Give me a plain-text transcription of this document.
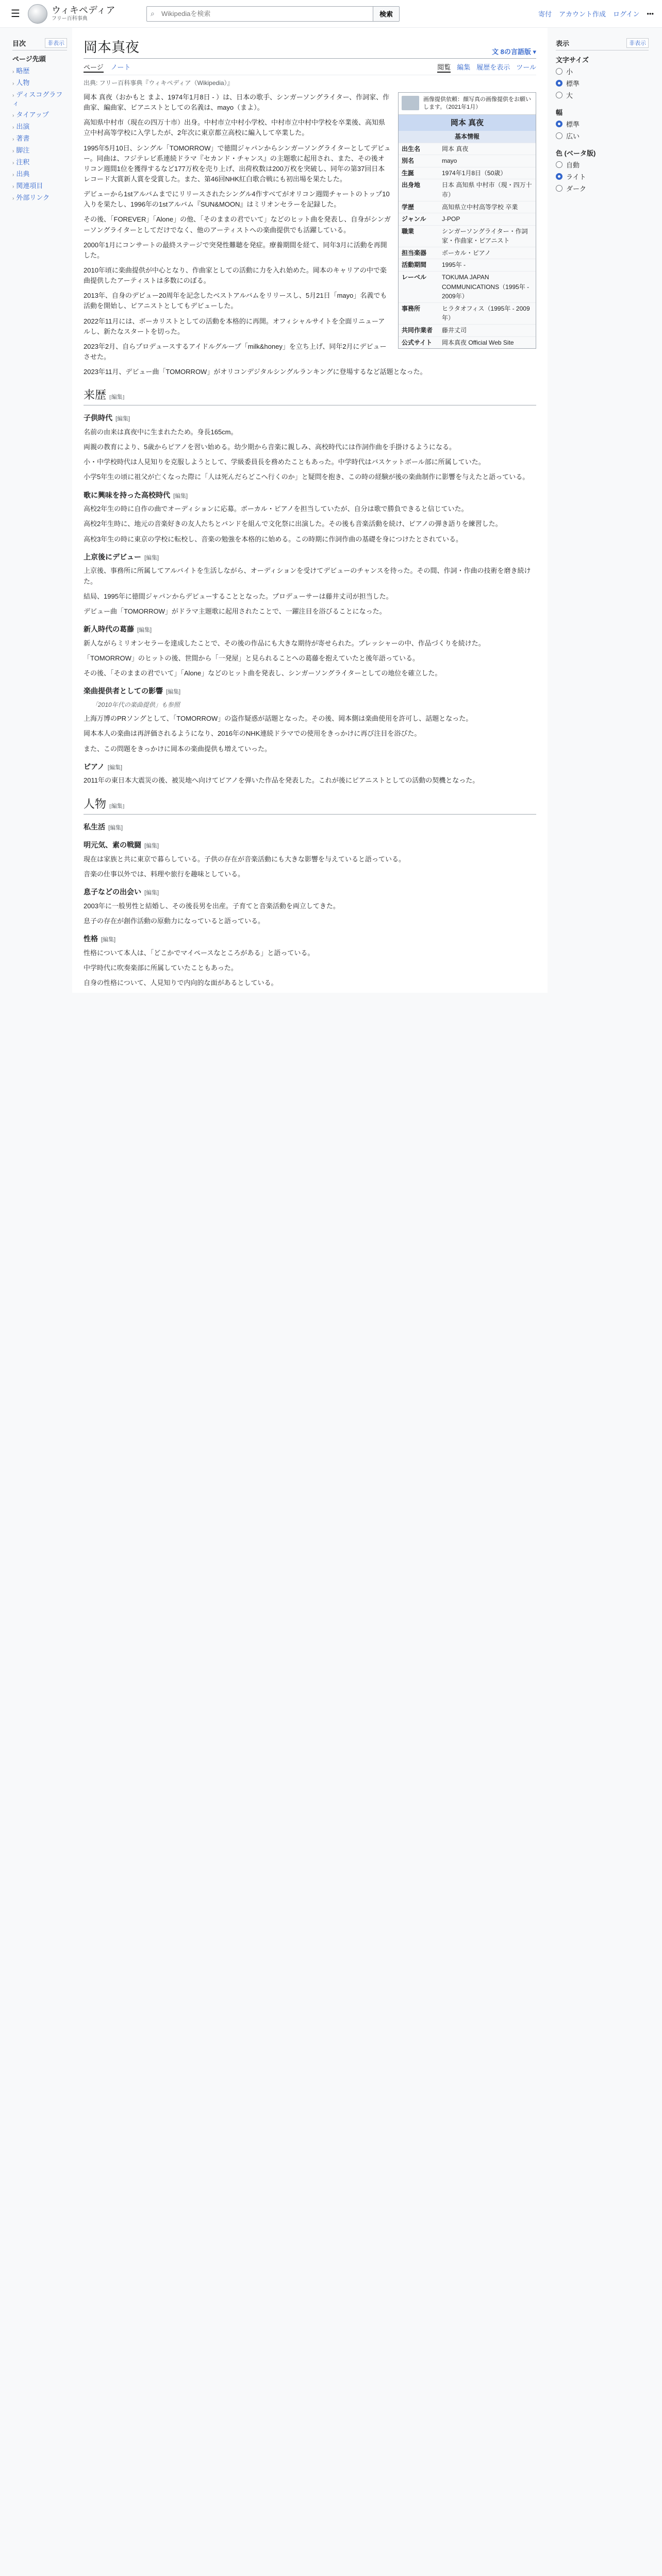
☰	ウィキペディア
フリー百科事典
⌕
Wikipediaを検索	検索	寄付 アカウント作成 ログイン •••
目次	非表示
ページ先頭
› 略歴
› 人物
› ディスコグラフィ
› タイアップ
› 出演
› 著書
› 脚注
› 注釈
› 出典
› 関連項目
› 外部リンク
岡本真夜	文 8の言語版 ▾
ページ ノート	閲覧 編集 履歴を表示 ツール
出典: フリー百科事典『ウィキペディア（Wikipedia）』
画像提供依頼：顔写真の画像提供をお願いします。（2021年1月）
岡本 真夜
基本情報
出生名	岡本 真夜
別名	mayo
生誕	1974年1月8日（50歳）
出身地	日本 高知県 中村市（現・四万十市）
学歴	高知県立中村高等学校 卒業
ジャンル	J-POP
職業	シンガーソングライター・作詞家・作曲家・ピアニスト
担当楽器	ボーカル・ピアノ
活動期間	1995年 -
レーベル	TOKUMA JAPAN COMMUNICATIONS（1995年 - 2009年）
事務所	ヒラタオフィス（1995年 - 2009年）
共同作業者	藤井丈司
公式サイト	岡本真夜 Official Web Site

岡本 真夜（おかもと まよ、1974年1月8日 - ）は、日本の歌手、シンガーソングライター、作詞家、作曲家、編曲家、ピアニストとしての名義は、mayo（まよ）。

高知県中村市（現在の四万十市）出身。中村市立中村小学校、中村市立中村中学校を卒業後、高知県立中村高等学校に入学したが、2年次に東京都立高校に編入して卒業した。

1995年5月10日、シングル「TOMORROW」で徳間ジャパンからシンガーソングライターとしてデビュー。同曲は、フジテレビ系連続ドラマ『セカンド・チャンス』の主題歌に起用され、また、その後オリコン週間1位を獲得するなど177万枚を売り上げ、出荷枚数は200万枚を突破し、同年の第37回日本レコード大賞新人賞を受賞した。また、第46回NHK紅白歌合戦にも初出場を果たした。

デビューから1stアルバムまでにリリースされたシングル4作すべてがオリコン週間チャートのトップ10入りを果たし、1996年の1stアルバム『SUN&MOON』はミリオンセラーを記録した。

その後、「FOREVER」「Alone」の他、「そのままの君でいて」などのヒット曲を発表し、自身がシンガーソングライターとしてだけでなく、他のアーティストへの楽曲提供でも活躍している。

2000年1月にコンサートの最終ステージで突発性難聴を発症。療養期間を経て、同年3月に活動を再開した。

2010年頃に楽曲提供が中心となり、作曲家としての活動に力を入れ始めた。岡本のキャリアの中で楽曲提供したアーティストは多数にのぼる。

2013年、自身のデビュー20周年を記念したベストアルバムをリリースし、5月21日「mayo」名義でも活動を開始し、ピアニストとしてもデビューした。

2022年11月には、ボーカリストとしての活動を本格的に再開。オフィシャルサイトを全面リニューアルし、新たなスタートを切った。

2023年2月、自らプロデュースするアイドルグループ「milk&honey」を立ち上げ、同年2月にデビューさせた。

2023年11月、デビュー曲「TOMORROW」がオリコンデジタルシングルランキングに登場するなど話題となった。

来歴 [編集]
子供時代 [編集]

名前の由来は真夜中に生まれたため。身長165cm。

両親の教育により、5歳からピアノを習い始める。幼少期から音楽に親しみ、高校時代には作詞作曲を手掛けるようになる。

小・中学校時代は人見知りを克服しようとして、学級委員長を務めたこともあった。中学時代はバスケットボール部に所属していた。

小学5年生の頃に祖父が亡くなった際に「人は死んだらどこへ行くのか」と疑問を抱き、この時の経験が後の楽曲制作に影響を与えたと語っている。

歌に興味を持った高校時代 [編集]

高校2年生の時に自作の曲でオーディションに応募。ボーカル・ピアノを担当していたが、自分は歌で勝負できると信じていた。

高校2年生時に、地元の音楽好きの友人たちとバンドを組んで文化祭に出演した。その後も音楽活動を続け、ピアノの弾き語りを練習した。

高校3年生の時に東京の学校に転校し、音楽の勉強を本格的に始める。この時期に作詞作曲の基礎を身につけたとされている。

上京後にデビュー [編集]

上京後、事務所に所属してアルバイトを生活しながら、オーディションを受けてデビューのチャンスを待った。その間、作詞・作曲の技術を磨き続けた。

結局、1995年に徳間ジャパンからデビューすることとなった。プロデューサーは藤井丈司が担当した。

デビュー曲「TOMORROW」がドラマ主題歌に起用されたことで、一躍注目を浴びることになった。

新人時代の葛藤 [編集]

新人ながらミリオンセラーを達成したことで、その後の作品にも大きな期待が寄せられた。プレッシャーの中、作品づくりを続けた。

「TOMORROW」のヒットの後、世間から「一発屋」と見られることへの葛藤を抱えていたと後年語っている。

その後、「そのままの君でいて」「Alone」などのヒット曲を発表し、シンガーソングライターとしての地位を確立した。

楽曲提供者としての影響 [編集]
「2010年代の楽曲提供」も参照

上海万博のPRソングとして、「TOMORROW」の盗作疑惑が話題となった。その後、岡本側は楽曲使用を許可し、話題となった。

岡本本人の楽曲は再評価されるようになり、2016年のNHK連続ドラマでの使用をきっかけに再び注目を浴びた。

また、この問題をきっかけに岡本の楽曲提供も増えていった。

ピアノ [編集]

2011年の東日本大震災の後、被災地へ向けてピアノを弾いた作品を発表した。これが後にピアニストとしての活動の契機となった。

人物 [編集]
私生活 [編集]
明元気、素の戦闘 [編集]

現在は家族と共に東京で暮らしている。子供の存在が音楽活動にも大きな影響を与えていると語っている。

音楽の仕事以外では、料理や旅行を趣味としている。

息子などの出会い [編集]

2003年に一般男性と結婚し、その後長男を出産。子育てと音楽活動を両立してきた。

息子の存在が創作活動の原動力になっていると語っている。

性格 [編集]

性格について本人は、「どこかでマイペースなところがある」と語っている。

中学時代に吹奏楽部に所属していたこともあった。

自身の性格について、人見知りで内向的な面があるとしている。

表示	非表示
文字サイズ
小
標準
大
幅
標準
広い
色 (ベータ版)
自動
ライト
ダーク
